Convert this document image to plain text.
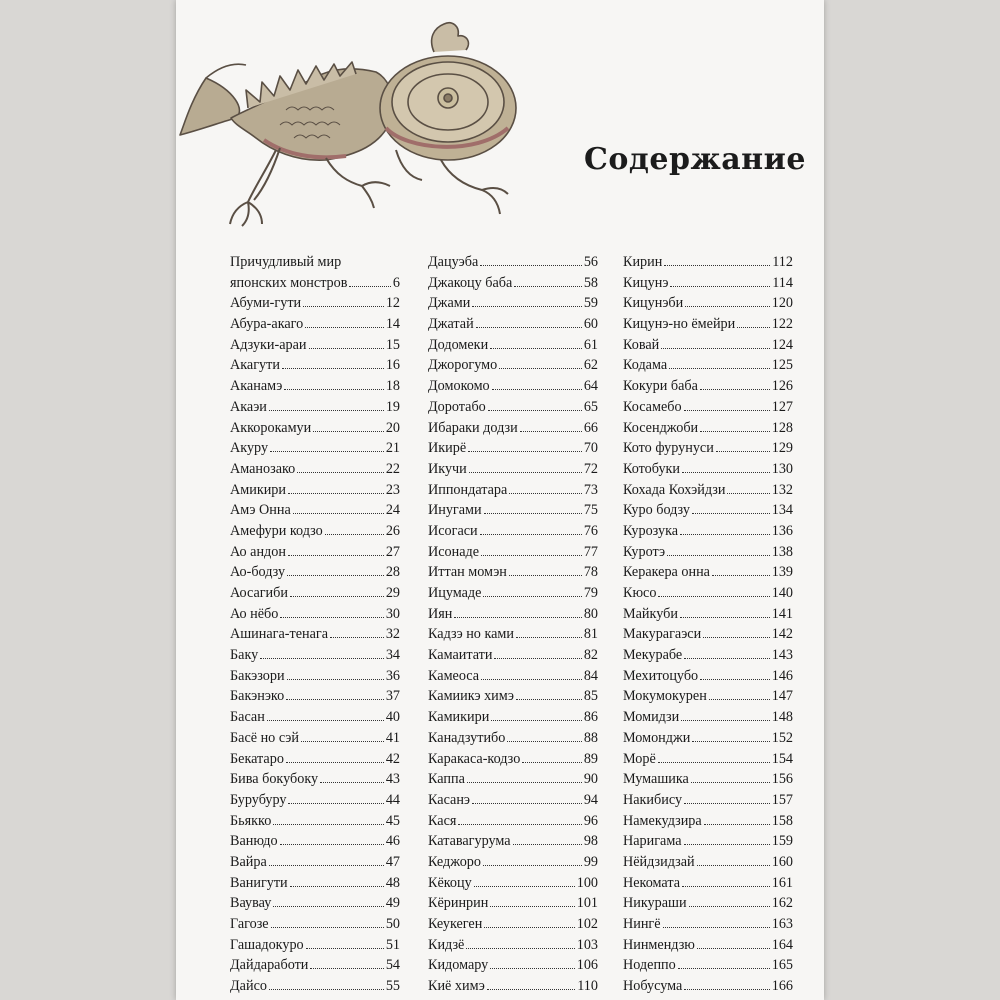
Содержание
Причудливый мир
японских монстров	6
Абуми-гути	12
Абура-акаго	14
Адзуки-араи	15
Акагути	16
Аканамэ	18
Акаэи	19
Аккорокамуи	20
Акуру	21
Аманозако	22
Амикири	23
Амэ Онна	24
Амефури кодзо	26
Ао андон	27
Ао-бодзу	28
Аосагиби	29
Ао нёбо	30
Ашинага-тенага	32
Баку	34
Бакэзори	36
Бакэнэко	37
Басан	40
Басё но сэй	41
Бекатаро	42
Бива бокубоку	43
Бурубуру	44
Бьякко	45
Ванюдо	46
Вайра	47
Ванигути	48
Ваувау	49
Гагозе	50
Гашадокуро	51
Дайдаработи	54
Дайсо	55
Дацуэба	56
Джакоцу баба	58
Джами	59
Джатай	60
Додомеки	61
Джорогумо	62
Домокомо	64
Доротабо	65
Ибараки додзи	66
Икирё	70
Икучи	72
Иппондатара	73
Инугами	75
Исогаси	76
Исонаде	77
Иттан момэн	78
Ицумаде	79
Иян	80
Кадзэ но ками	81
Камаитати	82
Камеоса	84
Камиикэ химэ	85
Камикири	86
Канадзутибо	88
Каракаса-кодзо	89
Каппа	90
Касанэ	94
Кася	96
Катавагурума	98
Кеджоро	99
Кёкоцу	100
Кёринрин	101
Кеукеген	102
Кидзё	103
Кидомару	106
Киё химэ	110
Кирин	112
Кицунэ	114
Кицунэби	120
Кицунэ-но ёмейри	122
Ковай	124
Кодама	125
Кокури баба	126
Косамебо	127
Косенджоби	128
Кото фурунуси	129
Котобуки	130
Кохада Кохэйдзи	132
Куро бодзу	134
Курозука	136
Куротэ	138
Керакера онна	139
Кюсо	140
Майкуби	141
Макурагаэси	142
Мекурабе	143
Мехитоцубо	146
Мокумокурен	147
Момидзи	148
Момонджи	152
Морё	154
Мумашика	156
Накибису	157
Намекудзира	158
Наригама	159
Нёйдзидзай	160
Некомата	161
Никураши	162
Нингё	163
Нинмендзю	164
Нодеппо	165
Нобусума	166
